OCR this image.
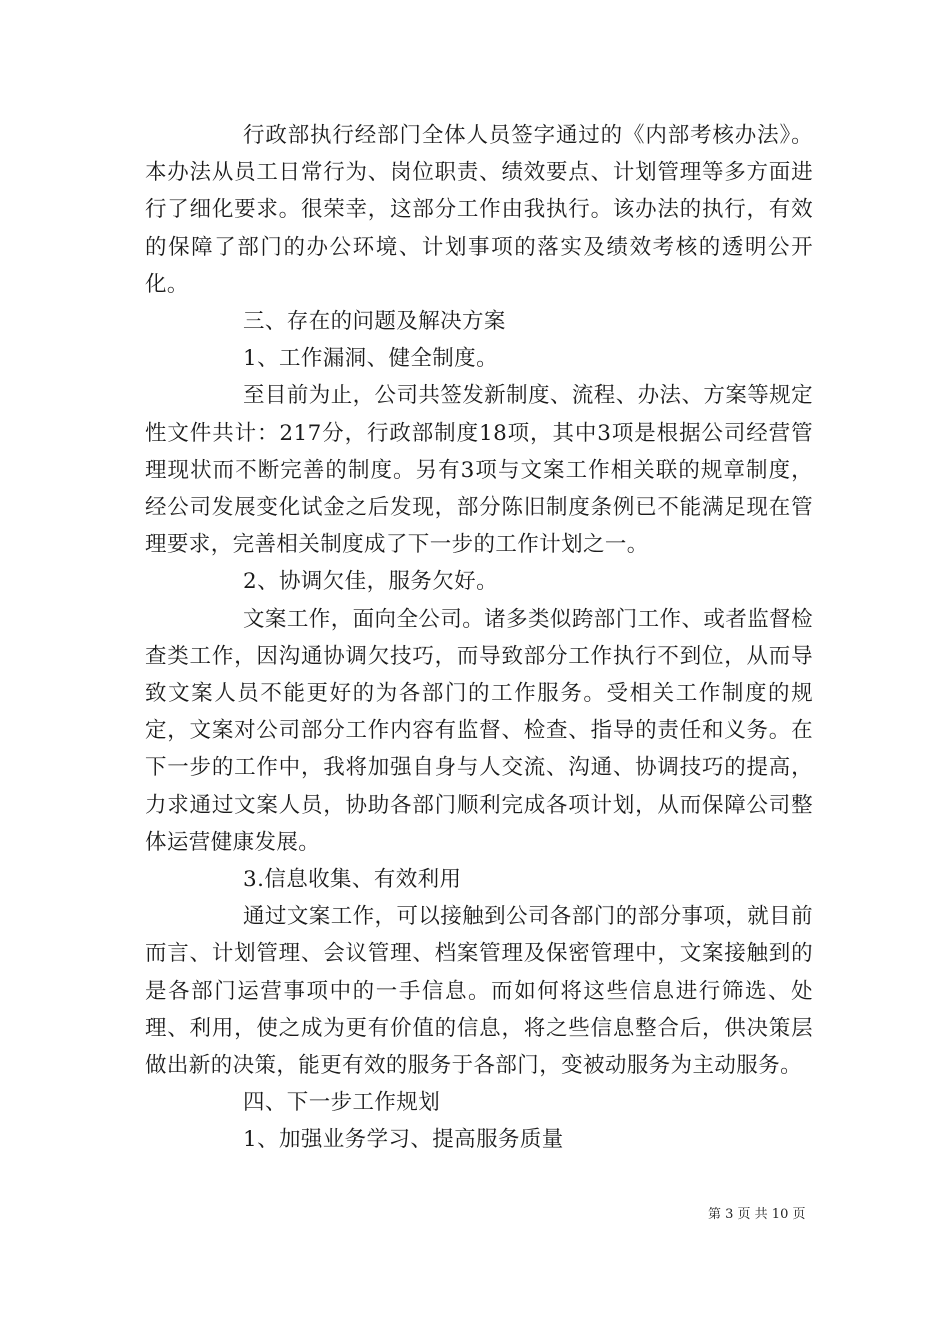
行政部执行经部门全体人员签字通过的《内部考核办法》。本办法从员工日常行为、岗位职责、绩效要点、计划管理等多方面进行了细化要求。很荣幸，这部分工作由我执行。该办法的执行，有效的保障了部门的办公环境、计划事项的落实及绩效考核的透明公开化。

三、存在的问题及解决方案

1、工作漏洞、健全制度。

至目前为止，公司共签发新制度、流程、办法、方案等规定性文件共计：217分，行政部制度18项，其中3项是根据公司经营管理现状而不断完善的制度。另有3项与文案工作相关联的规章制度，经公司发展变化试金之后发现，部分陈旧制度条例已不能满足现在管理要求，完善相关制度成了下一步的工作计划之一。

2、协调欠佳，服务欠好。

文案工作，面向全公司。诸多类似跨部门工作、或者监督检查类工作，因沟通协调欠技巧，而导致部分工作执行不到位，从而导致文案人员不能更好的为各部门的工作服务。受相关工作制度的规定，文案对公司部分工作内容有监督、检查、指导的责任和义务。在下一步的工作中，我将加强自身与人交流、沟通、协调技巧的提高，力求通过文案人员，协助各部门顺利完成各项计划，从而保障公司整体运营健康发展。

3.信息收集、有效利用

通过文案工作，可以接触到公司各部门的部分事项，就目前而言、计划管理、会议管理、档案管理及保密管理中，文案接触到的是各部门运营事项中的一手信息。而如何将这些信息进行筛选、处理、利用，使之成为更有价值的信息，将之些信息整合后，供决策层做出新的决策，能更有效的服务于各部门，变被动服务为主动服务。

四、下一步工作规划

1、加强业务学习、提高服务质量

第 3 页 共 10 页
